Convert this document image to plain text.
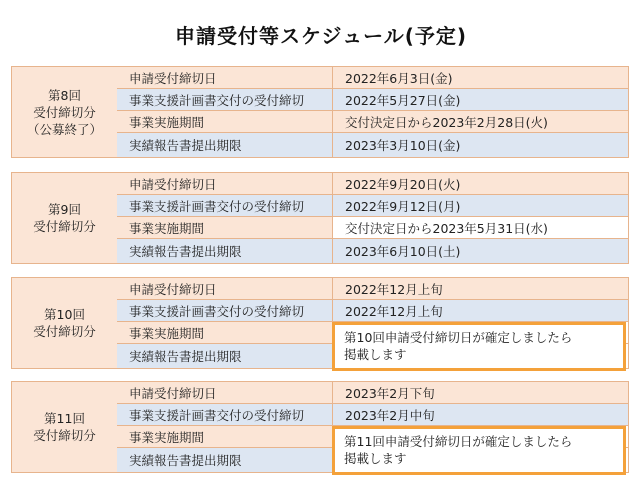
申請受付等スケジュール(予定)
第8回
受付締切分
（公募終了）
申請受付締切日	2022年6月3日(金)
事業支援計画書交付の受付締切	2022年5月27日(金)
事業実施期間	交付決定日から2023年2月28日(火)
実績報告書提出期限	2023年3月10日(金)
第9回
受付締切分
申請受付締切日	2022年9月20日(火)
事業支援計画書交付の受付締切	2022年9月12日(月)
事業実施期間	交付決定日から2023年5月31日(水)
実績報告書提出期限	2023年6月10日(土)
第10回
受付締切分
申請受付締切日	2022年12月上旬
事業支援計画書交付の受付締切	2022年12月上旬
事業実施期間
実績報告書提出期限
第10回申請受付締切日が確定しましたら
掲載します
第11回
受付締切分
申請受付締切日	2023年2月下旬
事業支援計画書交付の受付締切	2023年2月中旬
事業実施期間
実績報告書提出期限
第11回申請受付締切日が確定しましたら
掲載します
